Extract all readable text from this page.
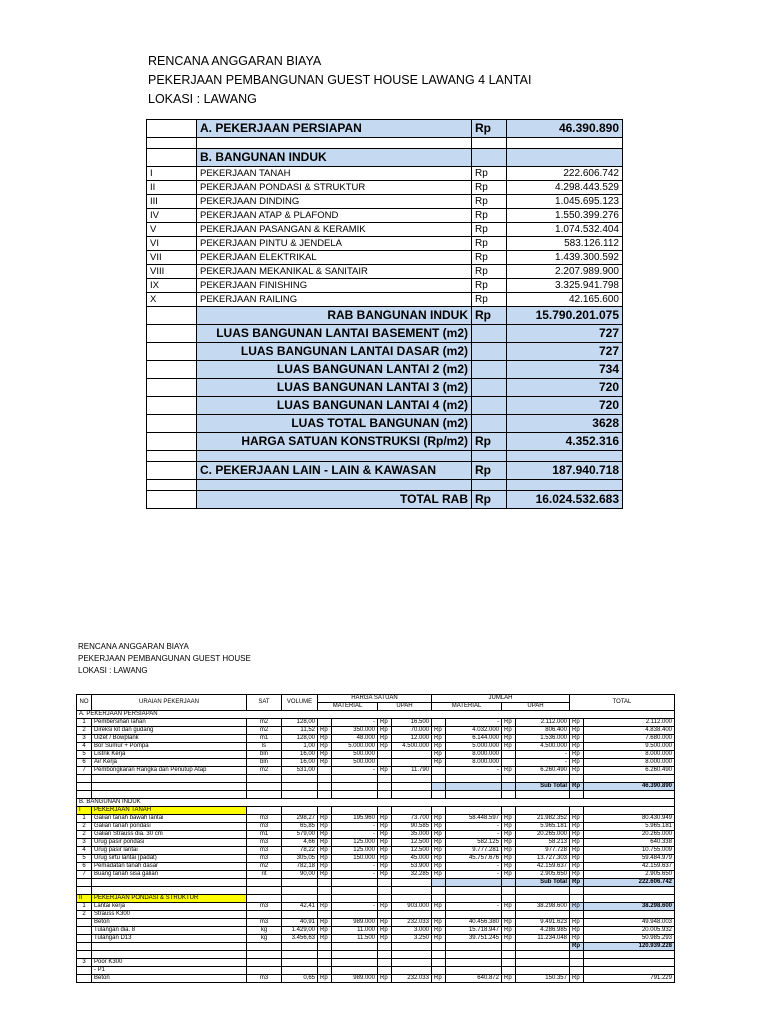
RENCANA ANGGARAN BIAYA
PEKERJAAN PEMBANGUNAN GUEST HOUSE LAWANG 4 LANTAI
LOKASI : LAWANG
	A. PEKERJAAN PERSIAPAN	Rp	46.390.890

	B. BANGUNAN INDUK		
I	PEKERJAAN TANAH	Rp	222.606.742
II	PEKERJAAN PONDASI & STRUKTUR	Rp	4.298.443.529
III	PEKERJAAN DINDING	Rp	1.045.695.123
IV	PEKERJAAN ATAP & PLAFOND	Rp	1.550.399.276
V	PEKERJAAN PASANGAN & KERAMIK	Rp	1.074.532.404
VI	PEKERJAAN PINTU & JENDELA	Rp	583.126.112
VII	PEKERJAAN ELEKTRIKAL	Rp	1.439.300.592
VIII	PEKERJAAN MEKANIKAL & SANITAIR	Rp	2.207.989.900
IX	PEKERJAAN FINISHING	Rp	3.325.941.798
X	PEKERJAAN RAILING	Rp	42.165.600
	RAB BANGUNAN INDUK	Rp	15.790.201.075
	LUAS BANGUNAN LANTAI BASEMENT (m2)		727
	LUAS BANGUNAN LANTAI DASAR (m2)		727
	LUAS BANGUNAN LANTAI 2 (m2)		734
	LUAS BANGUNAN LANTAI 3 (m2)		720
	LUAS BANGUNAN LANTAI 4 (m2)		720
	LUAS TOTAL BANGUNAN (m2)		3628
	HARGA SATUAN KONSTRUKSI (Rp/m2)	Rp	4.352.316

	C. PEKERJAAN LAIN - LAIN & KAWASAN	Rp	187.940.718

	TOTAL RAB	Rp	16.024.532.683
RENCANA ANGGARAN BIAYA
PEKERJAAN PEMBANGUNAN GUEST HOUSE
LOKASI : LAWANG
NO	URAIAN PEKERJAAN	SAT	VOLUME	HARGA SATUAN				JUMLAH				TOTAL	
				MATERIAL		UPAH		MATERIAL		UPAH			
A. PEKERJAAN PERSIAPAN													
1	Pembersihan lahan	m2	128,00		-	Rp	16.500		-	Rp	2.112.000	Rp	2.112.000
2	Direksi kit dan gudang	m2	11,52	Rp	350.000	Rp	70.000	Rp	4.032.000	Rp	806.400	Rp	4.838.400
3	Uizet / Bowplank	m1	128,00	Rp	48.000	Rp	12.000	Rp	6.144.000	Rp	1.536.000	Rp	7.680.000
4	Bor Sumur + Pompa	ls	1,00	Rp	5.000.000	Rp	4.500.000	Rp	5.000.000	Rp	4.500.000	Rp	9.500.000
5	Listrik Kerja	bln	16,00	Rp	500.000			Rp	8.000.000		-	Rp	8.000.000
6	Air Kerja	bln	16,00	Rp	500.000			Rp	8.000.000		-	Rp	8.000.000
7	Pembongkaran Rangka dan Penutup Atap	m2	531,00		-	Rp	11.790		-	Rp	6.260.490	Rp	6.260.490

											Sub Total	Rp	46.390.890

B. BANGUNAN INDUK													
I	PEKERJAAN TANAH												
1	Galian tanah bawah lantai	m3	298,27	Rp	195.960	Rp	73.700	Rp	58.448.597	Rp	21.982.352	Rp	80.430.949
2	Galian tanah pondasi	m3	65,85	Rp	-	Rp	90.585	Rp	-	Rp	5.965.181	Rp	5.965.181
2	Galian Strauss dia. 30 cm	m1	579,00	Rp	-	Rp	35.000	Rp	-	Rp	20.265.000	Rp	20.265.000
3	Urug pasir pondasi	m3	4,66	Rp	125.000	Rp	12.500	Rp	582.125	Rp	58.213	Rp	640.338
4	Urug pasir lantai	m3	78,22	Rp	125.000	Rp	12.500	Rp	9.777.281	Rp	977.728	Rp	10.755.009
5	Urug sirtu lantai (padat)	m3	305,05	Rp	150.000	Rp	45.000	Rp	45.757.676	Rp	13.727.303	Rp	59.484.979
6	Pemadatan tanah dasar	m2	782,18	Rp	-	Rp	53.900	Rp	-	Rp	42.159.637	Rp	42.159.637
7	Buang tanah sisa galian	rit	90,00	Rp	-	Rp	32.285	Rp	-	Rp	2.905.650	Rp	2.905.650
											Sub Total	Rp	222.606.742

II	PEKERJAAN PONDASI & STRUKTUR												
1	Lantai kerja	m3	42,41	Rp	-	Rp	903.000	Rp	-	Rp	38.298.600	Rp	38.298.600
2	Strauss K300												
	Beton	m3	40,91	Rp	989.000	Rp	232.033	Rp	40.456.380	Rp	9.491.623	Rp	49.948.003
	Tulangan dia. 8	kg	1.429,00	Rp	11.000	Rp	3.000	Rp	15.718.947	Rp	4.286.985	Rp	20.005.932
	Tulangan D13	kg	3.456,63	Rp	11.500	Rp	3.250	Rp	39.751.245	Rp	11.234.048	Rp	50.985.293
												Rp	120.939.228

3	Poor K300												
	- P1												
	Beton	m3	0,65	Rp	989.000	Rp	232.033	Rp	640.872	Rp	150.357	Rp	791.229
